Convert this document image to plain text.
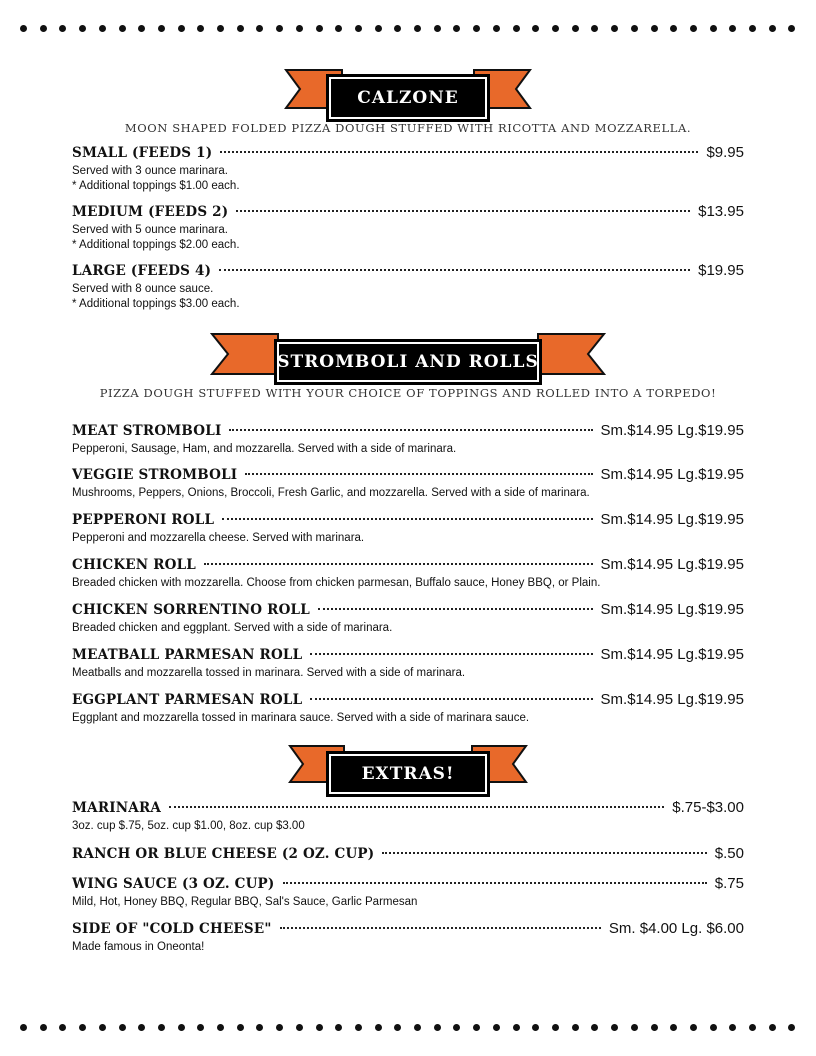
CALZONE
MOON SHAPED FOLDED PIZZA DOUGH STUFFED WITH RICOTTA AND MOZZARELLA.
SMALL (FEEDS 1)	$9.95
Served with 3 ounce marinara.
* Additional toppings $1.00 each.
MEDIUM (FEEDS 2)	$13.95
Served with 5 ounce marinara.
* Additional toppings $2.00 each.
LARGE (FEEDS 4)	$19.95
Served with 8 ounce sauce.
* Additional toppings $3.00 each.
STROMBOLI AND ROLLS
PIZZA DOUGH STUFFED WITH YOUR CHOICE OF TOPPINGS AND ROLLED INTO A TORPEDO!
MEAT STROMBOLI	Sm.$14.95 Lg.$19.95
Pepperoni, Sausage, Ham, and mozzarella. Served with a side of marinara.
VEGGIE STROMBOLI	Sm.$14.95 Lg.$19.95
Mushrooms, Peppers, Onions, Broccoli, Fresh Garlic, and mozzarella. Served with a side of marinara.
PEPPERONI ROLL	Sm.$14.95 Lg.$19.95
Pepperoni and mozzarella cheese. Served with marinara.
CHICKEN ROLL	Sm.$14.95 Lg.$19.95
Breaded chicken with mozzarella. Choose from chicken parmesan, Buffalo sauce, Honey BBQ, or Plain.
CHICKEN SORRENTINO ROLL	Sm.$14.95 Lg.$19.95
Breaded chicken and eggplant. Served with a side of marinara.
MEATBALL PARMESAN ROLL	Sm.$14.95 Lg.$19.95
Meatballs and mozzarella tossed in marinara. Served with a side of marinara.
EGGPLANT PARMESAN ROLL	Sm.$14.95 Lg.$19.95
Eggplant and mozzarella tossed in marinara sauce. Served with a side of marinara sauce.
EXTRAS!
MARINARA	$.75-$3.00
3oz. cup $.75, 5oz. cup $1.00, 8oz. cup $3.00
RANCH OR BLUE CHEESE (2 OZ. CUP)	$.50
WING SAUCE (3 OZ. CUP)	$.75
Mild, Hot, Honey BBQ, Regular BBQ, Sal's Sauce, Garlic Parmesan
SIDE OF "COLD CHEESE"	Sm. $4.00 Lg. $6.00
Made famous in Oneonta!
